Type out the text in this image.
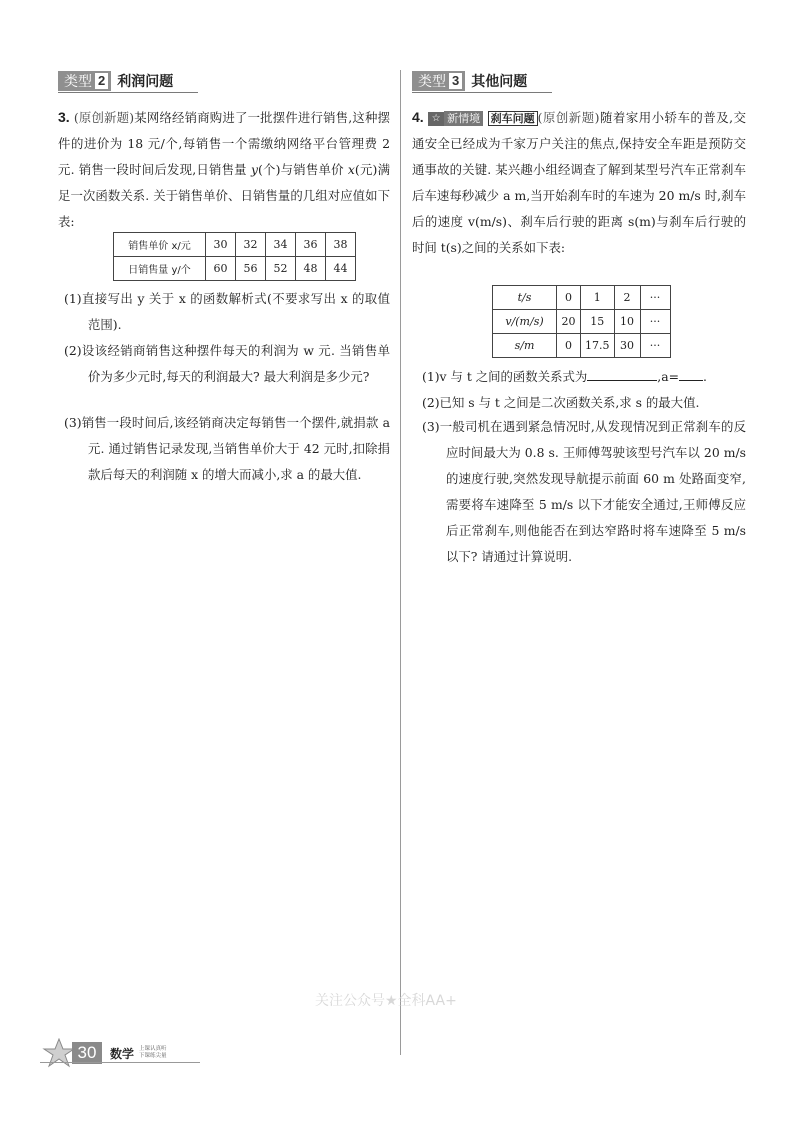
类型 2 利润问题
3. (原创新题)某网络经销商购进了一批摆件进行销售,这种摆件的进价为 18 元/个,每销售一个需缴纳网络平台管理费 2 元. 销售一段时间后发现,日销售量 y(个)与销售单价 x(元)满足一次函数关系. 关于销售单价、日销售量的几组对应值如下表:
销售单价 x/元	30	32	34	36	38
日销售量 y/个	60	56	52	48	44
(1)直接写出 y 关于 x 的函数解析式(不要求写出 x 的取值范围).
(2)设该经销商销售这种摆件每天的利润为 w 元. 当销售单价为多少元时,每天的利润最大? 最大利润是多少元?
(3)销售一段时间后,该经销商决定每销售一个摆件,就捐款 a 元. 通过销售记录发现,当销售单价大于 42 元时,扣除捐款后每天的利润随 x 的增大而减小,求 a 的最大值.
类型 3 其他问题
4. ☆ 新情境 刹车问题 (原创新题)随着家用小轿车的普及,交通安全已经成为千家万户关注的焦点,保持安全车距是预防交通事故的关键. 某兴趣小组经调查了解到某型号汽车正常刹车后车速每秒减少 a m,当开始刹车时的车速为 20 m/s 时,刹车后的速度 v(m/s)、刹车后行驶的距离 s(m)与刹车后行驶的时间 t(s)之间的关系如下表:
t/s	0	1	2	···
v/(m/s)	20	15	10	···
s/m	0	17.5	30	···
(1)v 与 t 之间的函数关系式为	,a= .
(2)已知 s 与 t 之间是二次函数关系,求 s 的最大值.
(3)一般司机在遇到紧急情况时,从发现情况到正常刹车的反应时间最大为 0.8 s. 王师傅驾驶该型号汽车以 20 m/s 的速度行驶,突然发现导航提示前面 60 m 处路面变窄,需要将车速降至 5 m/s 以下才能安全通过,王师傅反应后正常刹车,则他能否在到达窄路时将车速降至 5 m/s 以下? 请通过计算说明.
关注公众号★全科AA+
30	数学 上课认真听
下课练尖量
